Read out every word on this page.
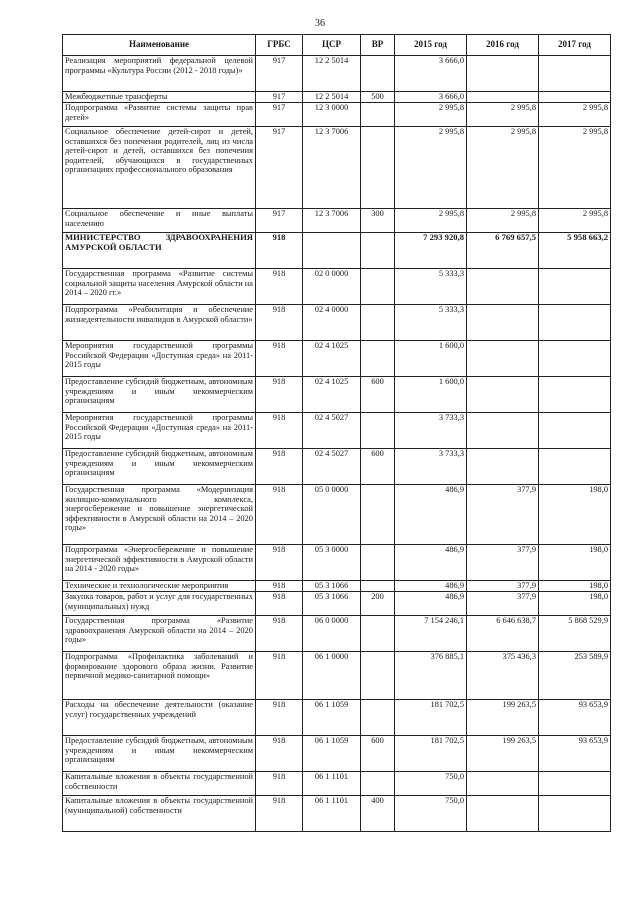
36
Наименование	ГРБС	ЦСР	ВР	2015 год	2016 год	2017 год
Реализация мероприятий федеральной целевой программы «Культура России (2012 - 2018 годы)»	917	12 2 5014		3 666,0		
Межбюджетные трансферты	917	12 2 5014	500	3 666,0		
Подпрограмма «Развитие системы защиты прав детей»	917	12 3 0000		2 995,8	2 995,8	2 995,8
Социальное обеспечение детей-сирот и детей, оставшихся без попечения родителей, лиц из числа детей-сирот и детей, оставшихся без попечения родителей, обучающихся в государственных организациях профессионального образования	917	12 3 7006		2 995,8	2 995,8	2 995,8
Социальное обеспечение и иные выплаты населению	917	12 3 7006	300	2 995,8	2 995,8	2 995,8
МИНИСТЕРСТВО ЗДРАВООХРАНЕНИЯ АМУРСКОЙ ОБЛАСТИ	918			7 293 920,8	6 769 657,5	5 958 663,2
Государственная программа «Развитие системы социальной защиты населения Амурской области на 2014 – 2020 гг.»	918	02 0 0000		5 333,3		
Подпрограмма «Реабилитация и обеспечение жизнедеятельности инвалидов в Амурской области»	918	02 4 0000		5 333,3		
Мероприятия государственной программы Российской Федерации «Доступная среда» на 2011-2015 годы	918	02 4 1025		1 600,0		
Предоставление субсидий бюджетным, автономным учреждениям и иным некоммерческим организациям	918	02 4 1025	600	1 600,0		
Мероприятия государственной программы Российской Федерации «Доступная среда» на 2011-2015 годы	918	02 4 5027		3 733,3		
Предоставление субсидий бюджетным, автономным учреждениям и иным некоммерческим организациям	918	02 4 5027	600	3 733,3		
Государственная программа «Модернизация жилищно-коммунального комплекса, энергосбережение и повышение энергетической эффективности в Амурской области на 2014 – 2020 годы»	918	05 0 0000		486,9	377,9	198,0
Подпрограмма «Энергосбережение и повышение энергетической эффективности в Амурской области на 2014 - 2020 годы»	918	05 3 0000		486,9	377,9	198,0
Технические и технологические мероприятия	918	05 3 1066		486,9	377,9	198,0
Закупка товаров, работ и услуг для государственных (муниципальных) нужд	918	05 3 1066	200	486,9	377,9	198,0
Государственная программа «Развитие здравоохранения Амурской области на 2014 – 2020 годы»	918	06 0 0000		7 154 246,1	6 646 638,7	5 868 529,9
Подпрограмма «Профилактика заболеваний и формирование здорового образа жизни. Развитие первичной медико-санитарной помощи»	918	06 1 0000		376 885,1	375 436,3	253 589,9
Расходы на обеспечение деятельности (оказание услуг) государственных учреждений	918	06 1 1059		181 702,5	199 263,5	93 653,9
Предоставление субсидий бюджетным, автономным учреждениям и иным некоммерческим организациям	918	06 1 1059	600	181 702,5	199 263,5	93 653,9
Капитальные вложения в объекты государственной собственности	918	06 1 1101		750,0		
Капитальные вложения в объекты государственной (муниципальной) собственности	918	06 1 1101	400	750,0		
